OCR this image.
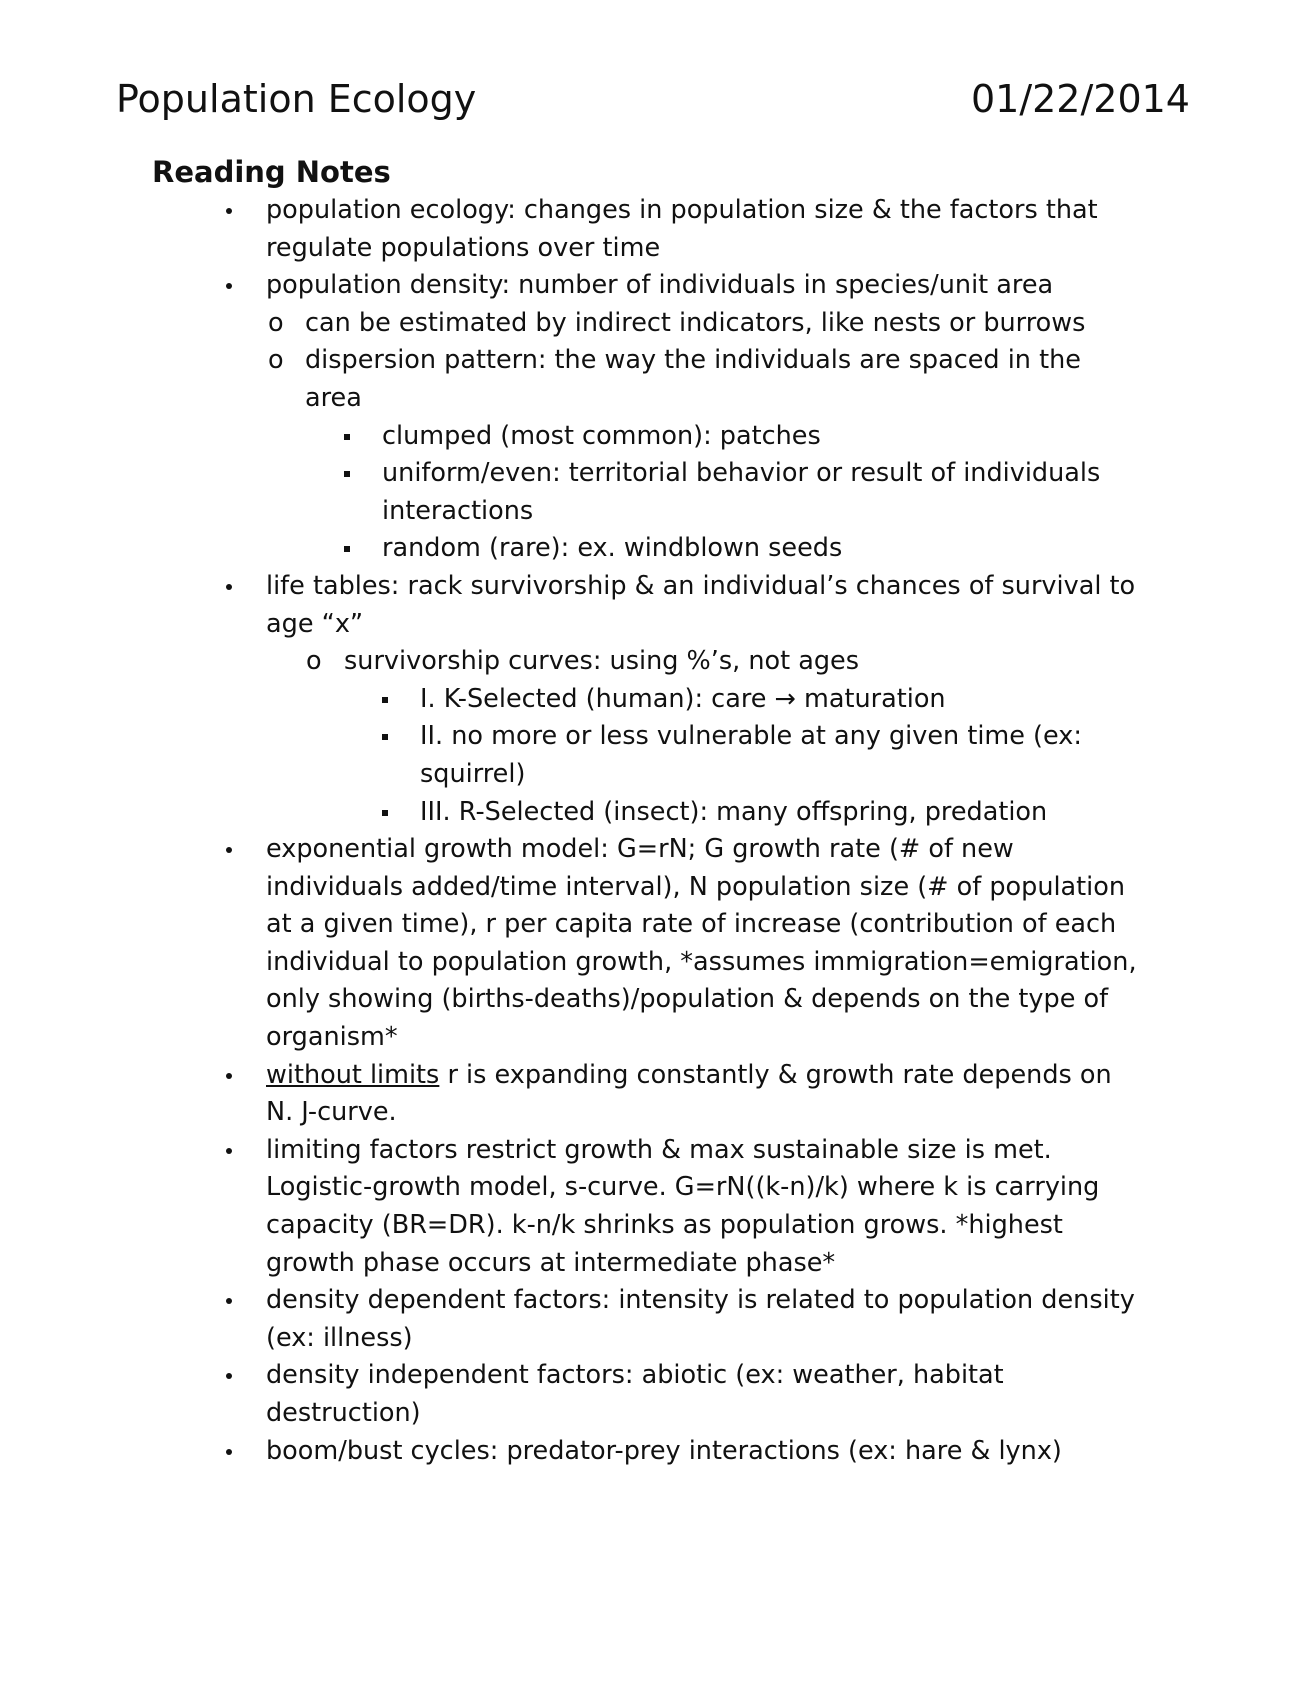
Population Ecology	01/22/2014
Reading Notes

population ecology: changes in population size & the factors that regulate populations over time

population density: number of individuals in species/unit area

o can be estimated by indirect indicators, like nests or burrows

o dispersion pattern: the way the individuals are spaced in the area

clumped (most common): patches

uniform/even: territorial behavior or result of individuals interactions

random (rare): ex. windblown seeds

life tables: rack survivorship & an individual’s chances of survival to age “x”

o survivorship curves: using %’s, not ages

I. K-Selected (human): care → maturation

II. no more or less vulnerable at any given time (ex: squirrel)

III. R-Selected (insect): many offspring, predation

exponential growth model: G=rN; G growth rate (# of new individuals added/time interval), N population size (# of population at a given time), r per capita rate of increase (contribution of each individual to population growth, *assumes immigration=emigration, only showing (births-deaths)/population & depends on the type of organism*

without limits r is expanding constantly & growth rate depends on N. J-curve.

limiting factors restrict growth & max sustainable size is met. Logistic-growth model, s-curve. G=rN((k-n)/k) where k is carrying capacity (BR=DR). k-n/k shrinks as population grows. *highest growth phase occurs at intermediate phase*

density dependent factors: intensity is related to population density (ex: illness)

density independent factors: abiotic (ex: weather, habitat destruction)

boom/bust cycles: predator-prey interactions (ex: hare & lynx)
